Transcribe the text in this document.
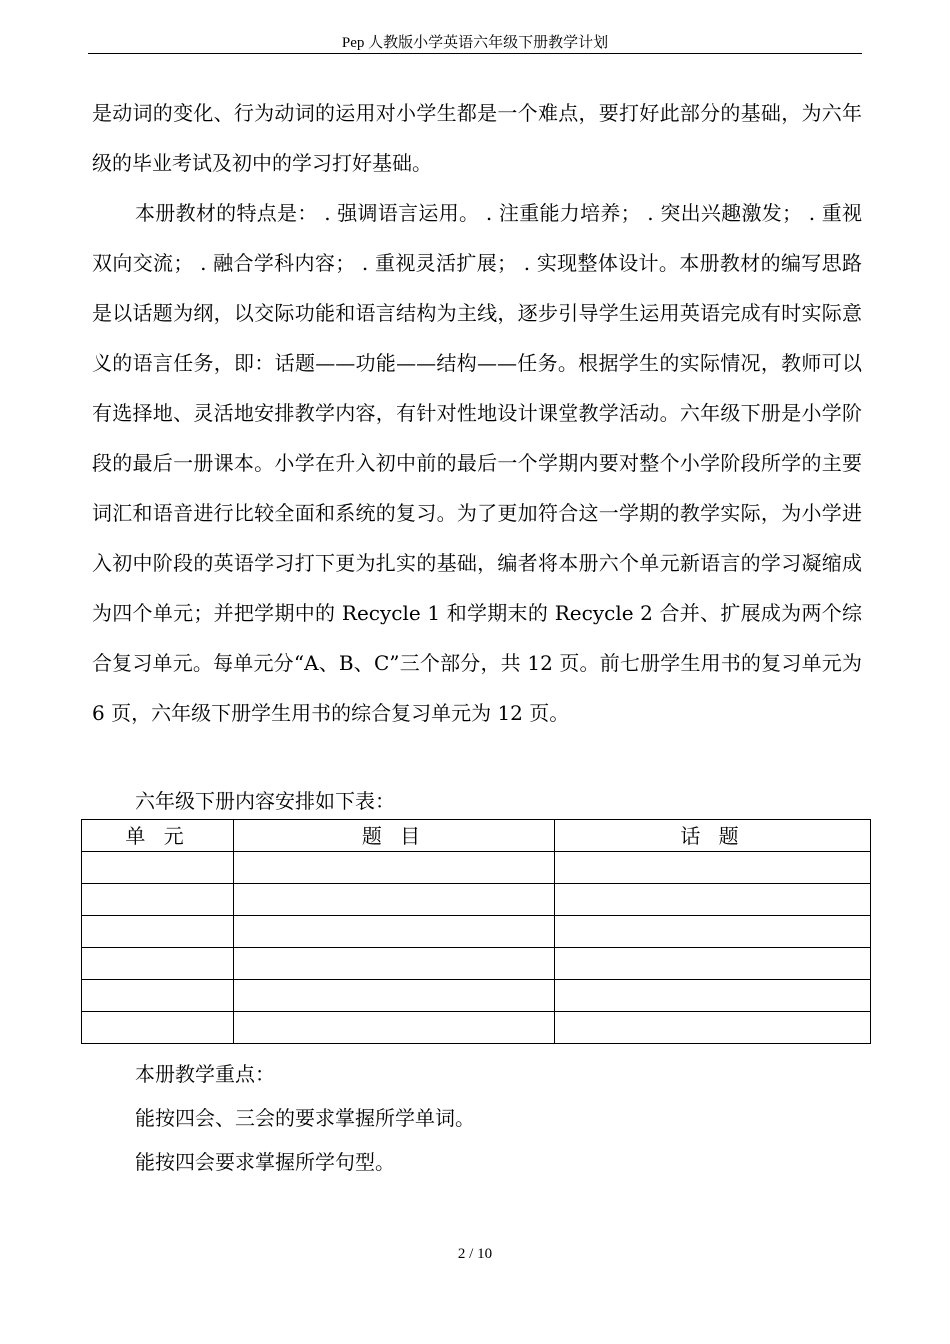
Pep 人教版小学英语六年级下册教学计划

是动词的变化、行为动词的运用对小学生都是一个难点，要打好此部分的基础，为六年级的毕业考试及初中的学习打好基础。

本册教材的特点是： . 强调语言运用。 . 注重能力培养； . 突出兴趣激发； . 重视双向交流； . 融合学科内容； . 重视灵活扩展； . 实现整体设计。本册教材的编写思路是以话题为纲，以交际功能和语言结构为主线，逐步引导学生运用英语完成有时实际意义的语言任务，即：话题——功能——结构——任务。根据学生的实际情况，教师可以有选择地、灵活地安排教学内容，有针对性地设计课堂教学活动。六年级下册是小学阶段的最后一册课本。小学在升入初中前的最后一个学期内要对整个小学阶段所学的主要词汇和语音进行比较全面和系统的复习。为了更加符合这一学期的教学实际，为小学进入初中阶段的英语学习打下更为扎实的基础，编者将本册六个单元新语言的学习凝缩成为四个单元；并把学期中的 Recycle 1 和学期末的 Recycle 2 合并、扩展成为两个综合复习单元。每单元分“A、B、C”三个部分，共 12 页。前七册学生用书的复习单元为 6 页，六年级下册学生用书的综合复习单元为 12 页。

六年级下册内容安排如下表：

单 元	题 目	话 题

本册教学重点：

能按四会、三会的要求掌握所学单词。

能按四会要求掌握所学句型。

2 / 10
